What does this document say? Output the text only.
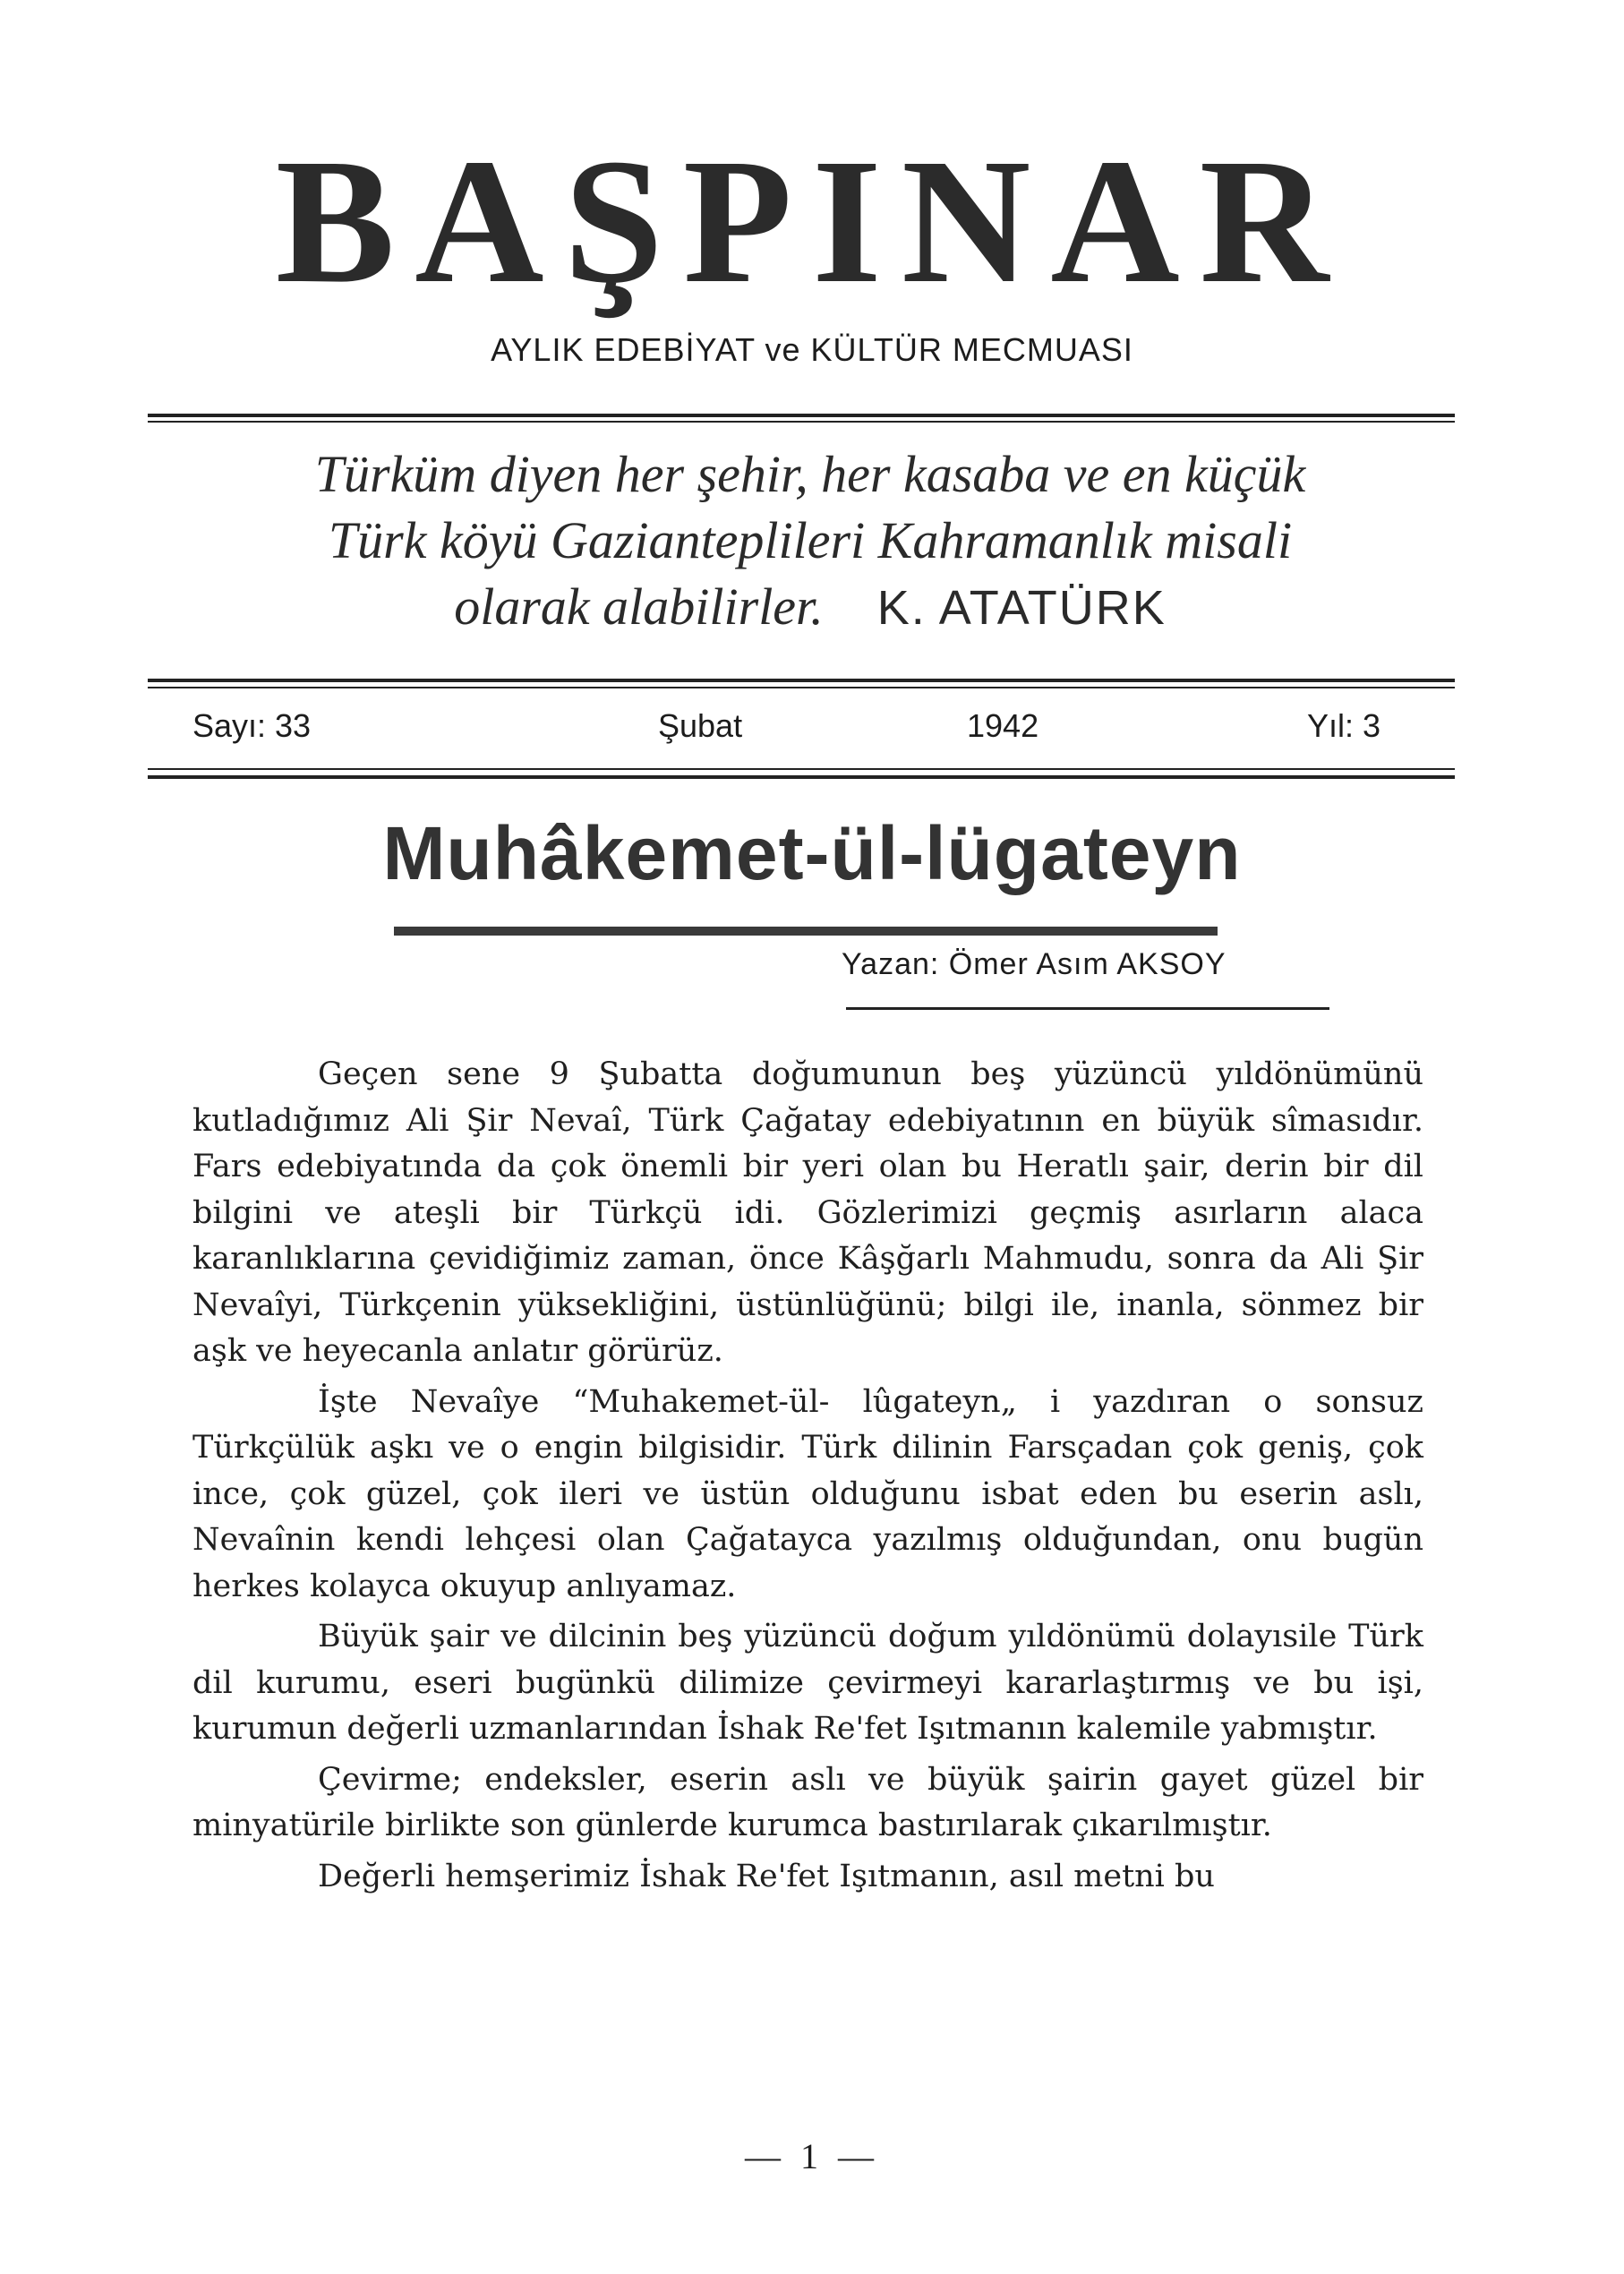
BAŞPINAR
AYLIK EDEBİYAT ve KÜLTÜR MECMUASI
Türküm diyen her şehir, her kasaba ve en küçük
Türk köyü Gazianteplileri Kahramanlık misali
olarak alabilirler. K. ATATÜRK
Sayı: 33	Şubat	1942	Yıl: 3
Muhâkemet-ül-lügateyn
Yazan: Ömer Asım AKSOY

Geçen sene 9 Şubatta doğumunun beş yüzüncü yıldönümünü kutladığımız Ali Şir Nevaî, Türk Çağatay edebiyatının en büyük sîmasıdır. Fars edebiyatında da çok önemli bir yeri olan bu Heratlı şair, derin bir dil bilgini ve ateşli bir Türkçü idi. Gözlerimizi geçmiş asırların alaca karanlıklarına çevidiğimiz zaman, önce Kâşğarlı Mahmudu, sonra da Ali Şir Nevaîyi, Türkçenin yüksekliğini, üstünlüğünü; bilgi ile, inanla, sönmez bir aşk ve heyecanla anlatır görürüz.

İşte Nevaîye “Muhakemet-ül- lûgateyn„ i yazdıran o sonsuz Türkçülük aşkı ve o engin bilgisidir. Türk dilinin Farsçadan çok geniş, çok ince, çok güzel, çok ileri ve üstün olduğunu isbat eden bu eserin aslı, Nevaînin kendi lehçesi olan Çağatayca yazılmış olduğundan, onu bugün herkes kolayca okuyup anlıyamaz.

Büyük şair ve dilcinin beş yüzüncü doğum yıldönümü dolayısile Türk dil kurumu, eseri bugünkü dilimize çevirmeyi kararlaştırmış ve bu işi, kurumun değerli uzmanlarından İshak Re'fet Işıtmanın kalemile yabmıştır.

Çevirme; endeksler, eserin aslı ve büyük şairin gayet güzel bir minyatürile birlikte son günlerde kurumca bastırılarak çıkarılmıştır.

Değerli hemşerimiz İshak Re'fet Işıtmanın, asıl metni bu

— 1 —
